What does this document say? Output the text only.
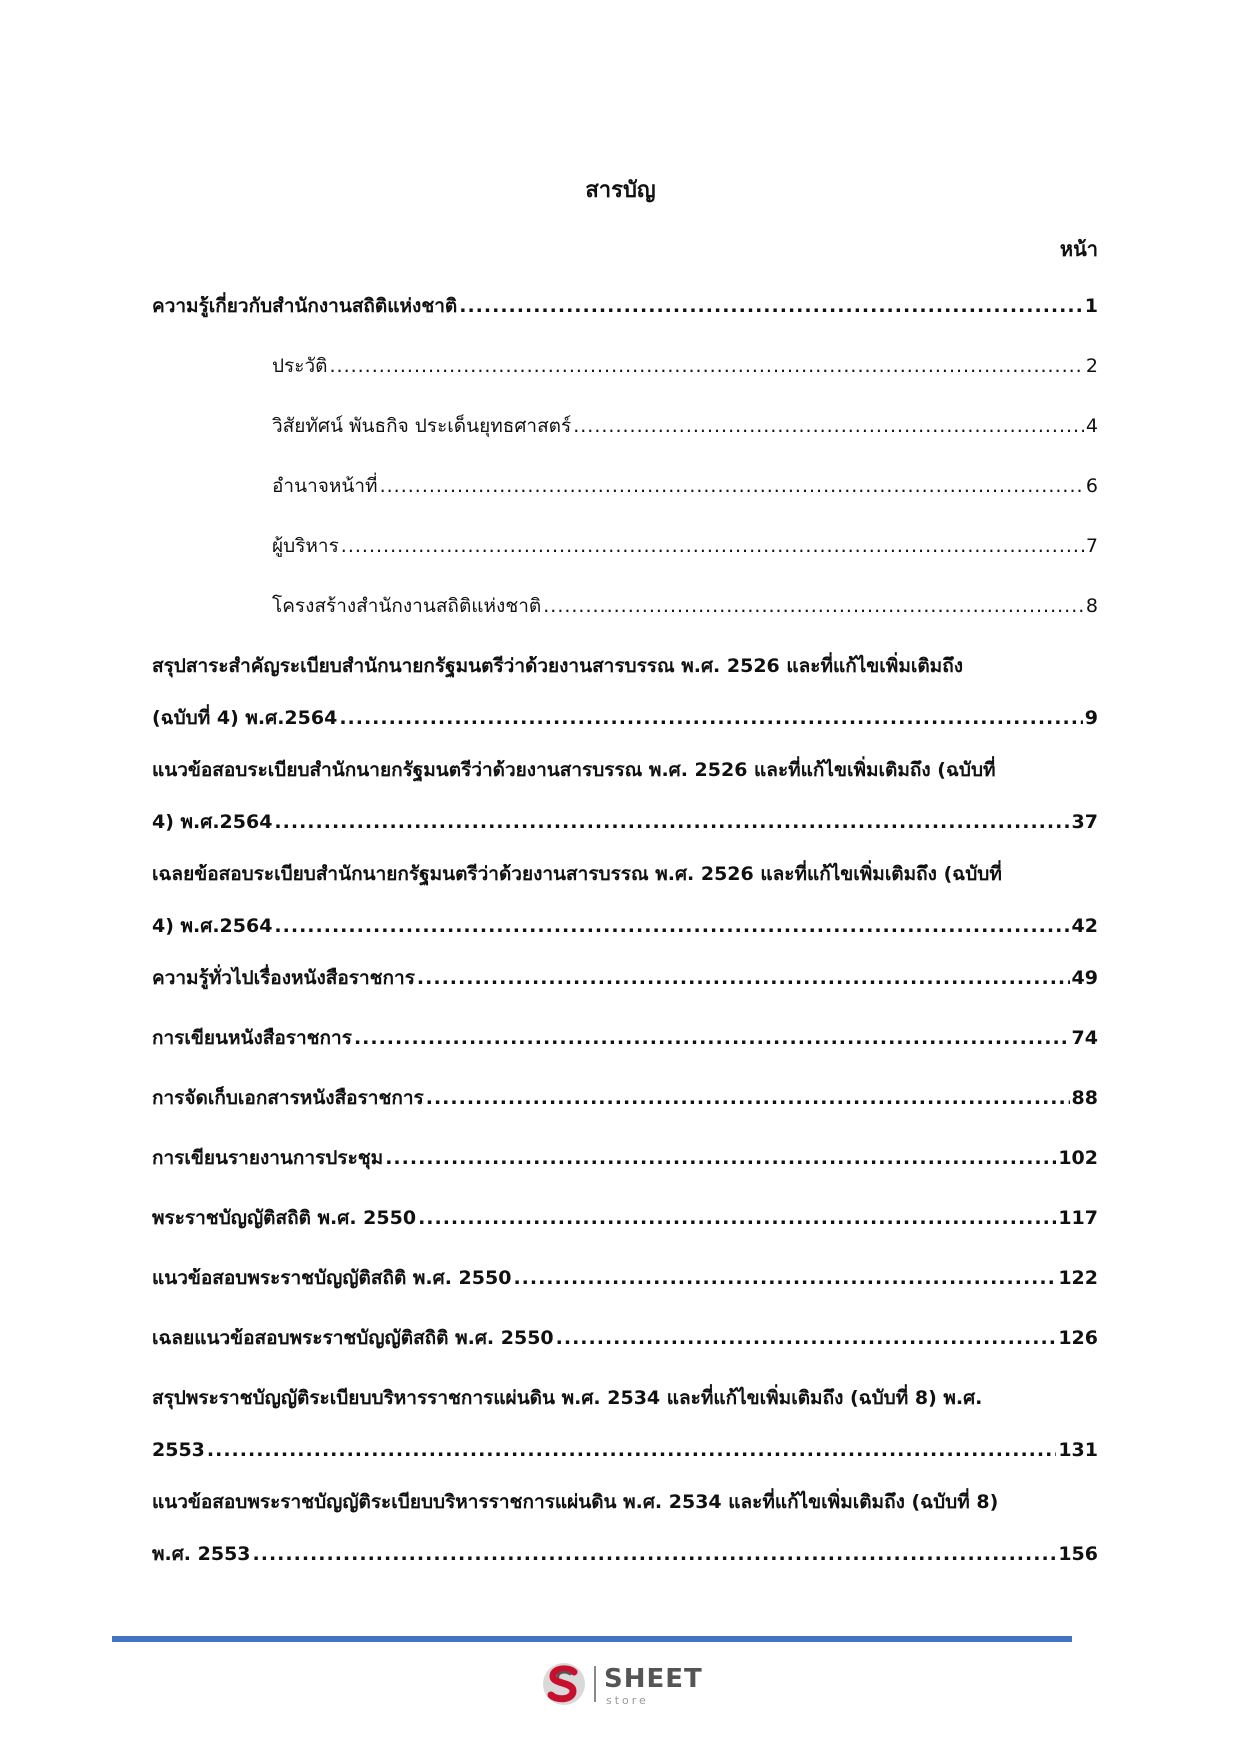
สารบัญ
หน้า
ความรู้เกี่ยวกับสำนักงานสถิติแห่งชาติ .....	1
ประวัติ .....	2
วิสัยทัศน์ พันธกิจ ประเด็นยุทธศาสตร์ .....	4
อำนาจหน้าที่ .....	6
ผู้บริหาร .....	7
โครงสร้างสำนักงานสถิติแห่งชาติ .....	8
สรุปสาระสำคัญระเบียบสำนักนายกรัฐมนตรีว่าด้วยงานสารบรรณ พ.ศ. 2526 และที่แก้ไขเพิ่มเติมถึง
(ฉบับที่ 4) พ.ศ.2564 .....	9
แนวข้อสอบระเบียบสำนักนายกรัฐมนตรีว่าด้วยงานสารบรรณ พ.ศ. 2526 และที่แก้ไขเพิ่มเติมถึง (ฉบับที่
4) พ.ศ.2564 .....	37
เฉลยข้อสอบระเบียบสำนักนายกรัฐมนตรีว่าด้วยงานสารบรรณ พ.ศ. 2526 และที่แก้ไขเพิ่มเติมถึง (ฉบับที่
4) พ.ศ.2564 .....	42
ความรู้ทั่วไปเรื่องหนังสือราชการ .....	49
การเขียนหนังสือราชการ .....	74
การจัดเก็บเอกสารหนังสือราชการ .....	88
การเขียนรายงานการประชุม .....	102
พระราชบัญญัติสถิติ พ.ศ. 2550 .....	117
แนวข้อสอบพระราชบัญญัติสถิติ พ.ศ. 2550 .....	122
เฉลยแนวข้อสอบพระราชบัญญัติสถิติ พ.ศ. 2550 .....	126
สรุปพระราชบัญญัติระเบียบบริหารราชการแผ่นดิน พ.ศ. 2534 และที่แก้ไขเพิ่มเติมถึง (ฉบับที่ 8) พ.ศ.
2553 .....	131
แนวข้อสอบพระราชบัญญัติระเบียบบริหารราชการแผ่นดิน พ.ศ. 2534 และที่แก้ไขเพิ่มเติมถึง (ฉบับที่ 8)
พ.ศ. 2553 .....	156
SHEET
store
